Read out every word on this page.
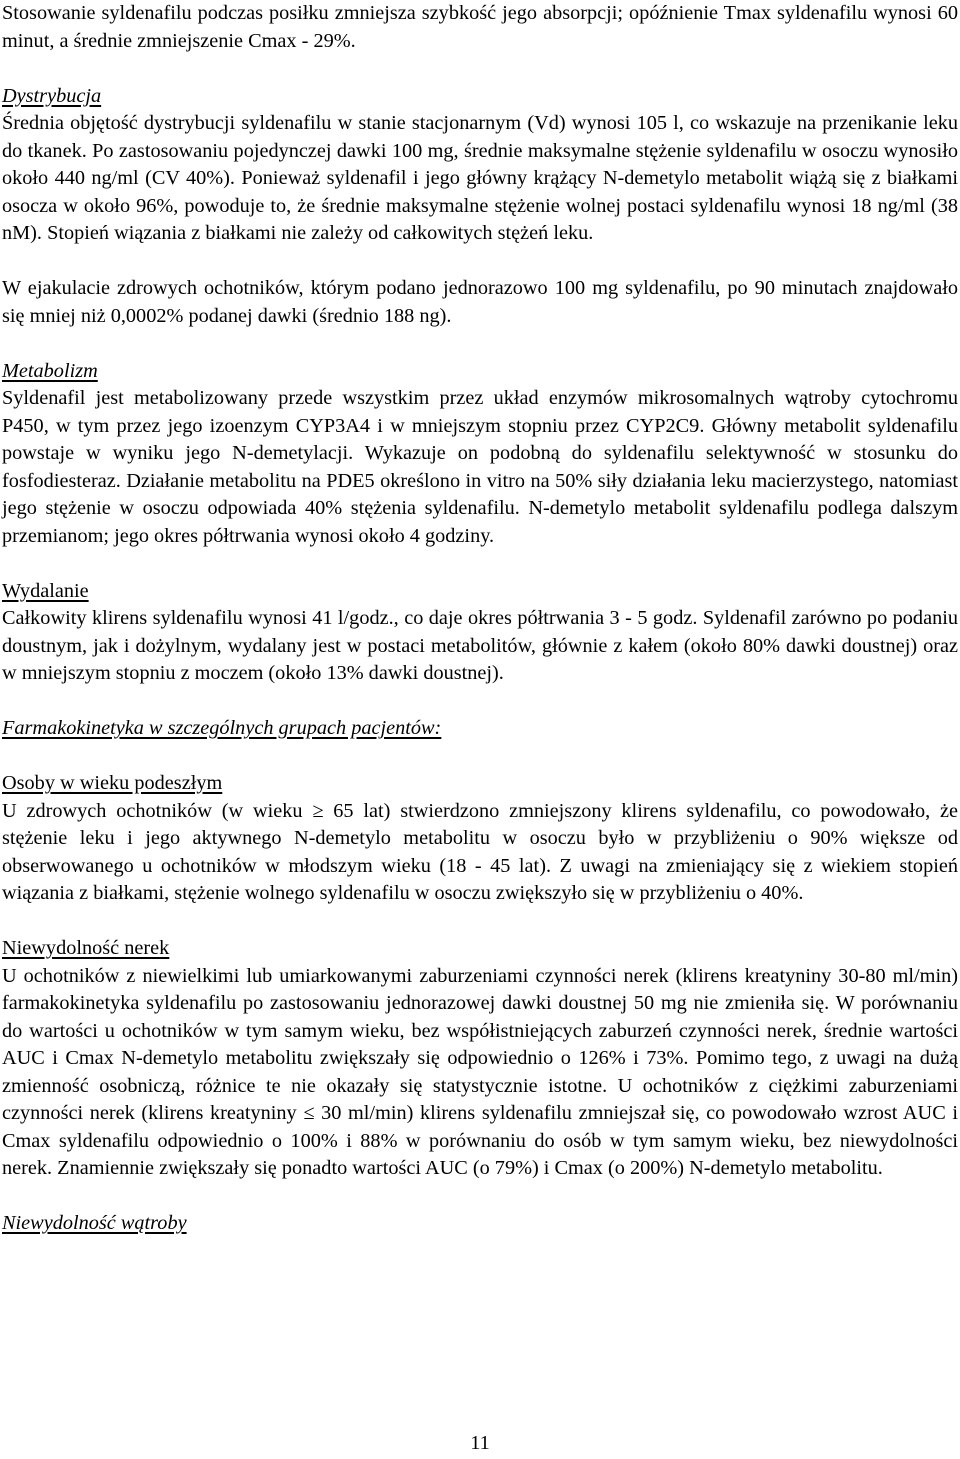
Stosowanie syldenafilu podczas posiłku zmniejsza szybkość jego absorpcji; opóźnienie Tmax syldenafilu wynosi 60 minut, a średnie zmniejszenie Cmax - 29%.

Dystrybucja

Średnia objętość dystrybucji syldenafilu w stanie stacjonarnym (Vd) wynosi 105 l, co wskazuje na przenikanie leku do tkanek. Po zastosowaniu pojedynczej dawki 100 mg, średnie maksymalne stężenie syldenafilu w osoczu wynosiło około 440 ng/ml (CV 40%). Ponieważ syldenafil i jego główny krążący N-demetylo metabolit wiążą się z białkami osocza w około 96%, powoduje to, że średnie maksymalne stężenie wolnej postaci syldenafilu wynosi 18 ng/ml (38 nM). Stopień wiązania z białkami nie zależy od całkowitych stężeń leku.

W ejakulacie zdrowych ochotników, którym podano jednorazowo 100 mg syldenafilu, po 90 minutach znajdowało się mniej niż 0,0002% podanej dawki (średnio 188 ng).

Metabolizm

Syldenafil jest metabolizowany przede wszystkim przez układ enzymów mikrosomalnych wątroby cytochromu P450, w tym przez jego izoenzym CYP3A4 i w mniejszym stopniu przez CYP2C9. Główny metabolit syldenafilu powstaje w wyniku jego N-demetylacji. Wykazuje on podobną do syldenafilu selektywność w stosunku do fosfodiesteraz. Działanie metabolitu na PDE5 określono in vitro na 50% siły działania leku macierzystego, natomiast jego stężenie w osoczu odpowiada 40% stężenia syldenafilu. N-demetylo metabolit syldenafilu podlega dalszym przemianom; jego okres półtrwania wynosi około 4 godziny.

Wydalanie

Całkowity klirens syldenafilu wynosi 41 l/godz., co daje okres półtrwania 3 - 5 godz. Syldenafil zarówno po podaniu doustnym, jak i dożylnym, wydalany jest w postaci metabolitów, głównie z kałem (około 80% dawki doustnej) oraz w mniejszym stopniu z moczem (około 13% dawki doustnej).

Farmakokinetyka w szczególnych grupach pacjentów:
Osoby w wieku podeszłym

U zdrowych ochotników (w wieku ≥ 65 lat) stwierdzono zmniejszony klirens syldenafilu, co powodowało, że stężenie leku i jego aktywnego N-demetylo metabolitu w osoczu było w przybliżeniu o 90% większe od obserwowanego u ochotników w młodszym wieku (18 - 45 lat). Z uwagi na zmieniający się z wiekiem stopień wiązania z białkami, stężenie wolnego syldenafilu w osoczu zwiększyło się w przybliżeniu o 40%.

Niewydolność nerek

U ochotników z niewielkimi lub umiarkowanymi zaburzeniami czynności nerek (klirens kreatyniny 30-80 ml/min) farmakokinetyka syldenafilu po zastosowaniu jednorazowej dawki doustnej 50 mg nie zmieniła się. W porównaniu do wartości u ochotników w tym samym wieku, bez współistniejących zaburzeń czynności nerek, średnie wartości AUC i Cmax N-demetylo metabolitu zwiększały się odpowiednio o 126% i 73%. Pomimo tego, z uwagi na dużą zmienność osobniczą, różnice te nie okazały się statystycznie istotne. U ochotników z ciężkimi zaburzeniami czynności nerek (klirens kreatyniny ≤ 30 ml/min) klirens syldenafilu zmniejszał się, co powodowało wzrost AUC i Cmax syldenafilu odpowiednio o 100% i 88% w porównaniu do osób w tym samym wieku, bez niewydolności nerek. Znamiennie zwiększały się ponadto wartości AUC (o 79%) i Cmax (o 200%) N-demetylo metabolitu.

Niewydolność wątroby
11
